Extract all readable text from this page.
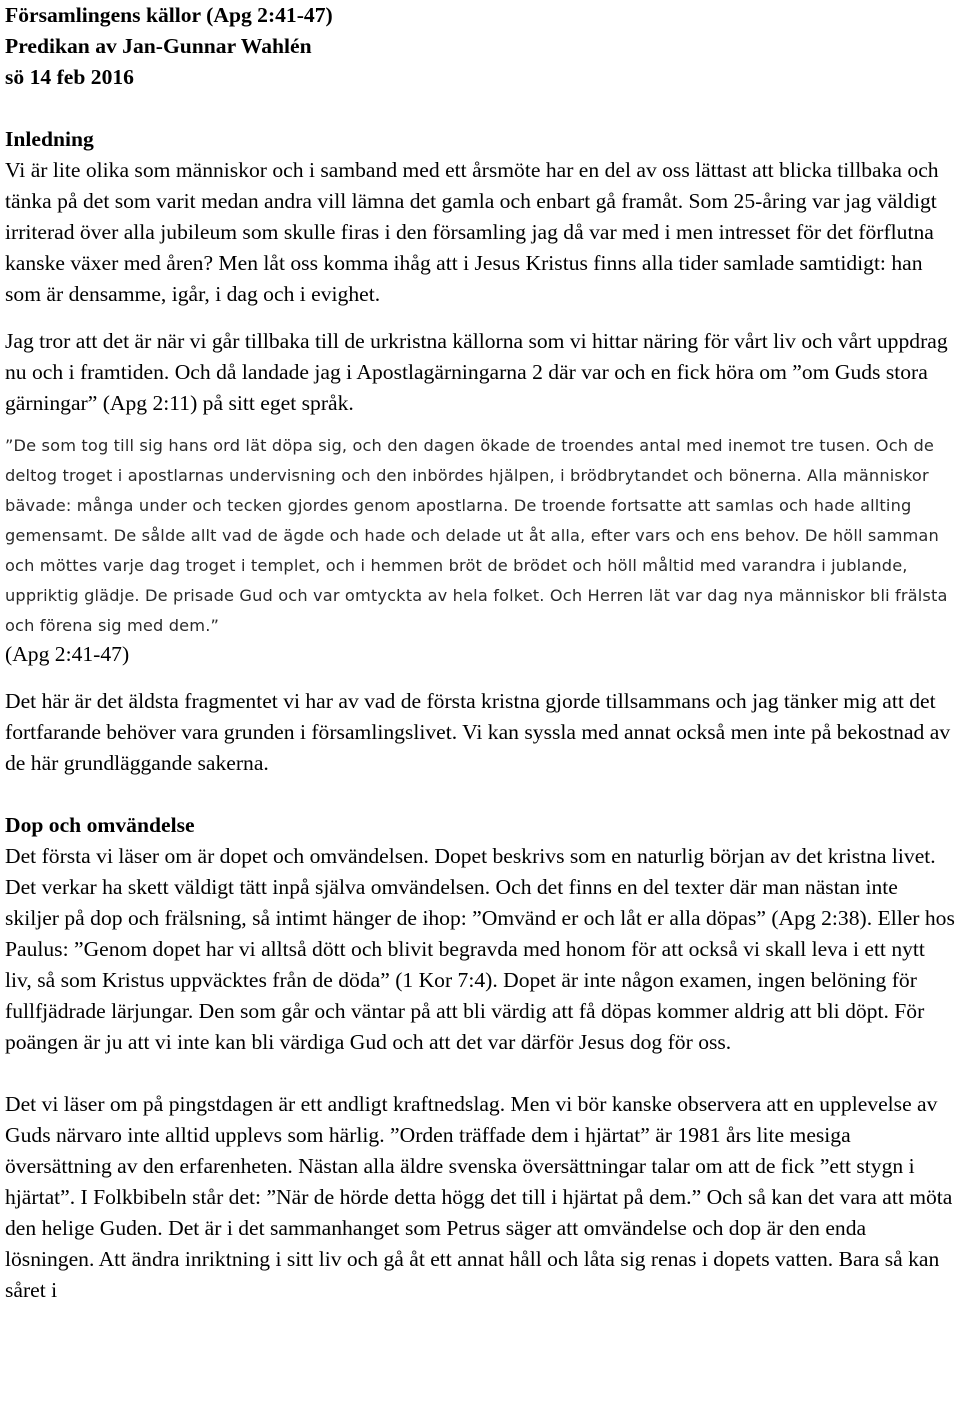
Församlingens källor (Apg 2:41-47)
Predikan av Jan-Gunnar Wahlén
sö 14 feb 2016

Inledning

Vi är lite olika som människor och i samband med ett årsmöte har en del av oss lättast att blicka tillbaka och tänka på det som varit medan andra vill lämna det gamla och enbart gå framåt. Som 25-åring var jag väldigt irriterad över alla jubileum som skulle firas i den församling jag då var med i men intresset för det förflutna kanske växer med åren? Men låt oss komma ihåg att i Jesus Kristus finns alla tider samlade samtidigt: han som är densamme, igår, i dag och i evighet.

Jag tror att det är när vi går tillbaka till de urkristna källorna som vi hittar näring för vårt liv och vårt uppdrag nu och i framtiden. Och då landade jag i Apostlagärningarna 2 där var och en fick höra om ”om Guds stora gärningar” (Apg 2:11) på sitt eget språk.

”De som tog till sig hans ord lät döpa sig, och den dagen ökade de troendes antal med inemot tre tusen. Och de deltog troget i apostlarnas undervisning och den inbördes hjälpen, i brödbrytandet och bönerna. Alla människor bävade: många under och tecken gjordes genom apostlarna. De troende fortsatte att samlas och hade allting gemensamt. De sålde allt vad de ägde och hade och delade ut åt alla, efter vars och ens behov. De höll samman och möttes varje dag troget i templet, och i hemmen bröt de brödet och höll måltid med varandra i jublande, uppriktig glädje. De prisade Gud och var omtyckta av hela folket. Och Herren lät var dag nya människor bli frälsta och förena sig med dem.”

(Apg 2:41-47)

Det här är det äldsta fragmentet vi har av vad de första kristna gjorde tillsammans och jag tänker mig att det fortfarande behöver vara grunden i församlingslivet. Vi kan syssla med annat också men inte på bekostnad av de här grundläggande sakerna.

Dop och omvändelse

Det första vi läser om är dopet och omvändelsen. Dopet beskrivs som en naturlig början av det kristna livet. Det verkar ha skett väldigt tätt inpå själva omvändelsen. Och det finns en del texter där man nästan inte skiljer på dop och frälsning, så intimt hänger de ihop: ”Omvänd er och låt er alla döpas” (Apg 2:38). Eller hos Paulus: ”Genom dopet har vi alltså dött och blivit begravda med honom för att också vi skall leva i ett nytt liv, så som Kristus uppväcktes från de döda” (1 Kor 7:4). Dopet är inte någon examen, ingen belöning för fullfjädrade lärjungar. Den som går och väntar på att bli värdig att få döpas kommer aldrig att bli döpt. För poängen är ju att vi inte kan bli värdiga Gud och att det var därför Jesus dog för oss.

Det vi läser om på pingstdagen är ett andligt kraftnedslag. Men vi bör kanske observera att en upplevelse av Guds närvaro inte alltid upplevs som härlig. ”Orden träffade dem i hjärtat” är 1981 års lite mesiga översättning av den erfarenheten. Nästan alla äldre svenska översättningar talar om att de fick ”ett stygn i hjärtat”. I Folkbibeln står det: ”När de hörde detta högg det till i hjärtat på dem.” Och så kan det vara att möta den helige Guden. Det är i det sammanhanget som Petrus säger att omvändelse och dop är den enda lösningen. Att ändra inriktning i sitt liv och gå åt ett annat håll och låta sig renas i dopets vatten. Bara så kan såret i
